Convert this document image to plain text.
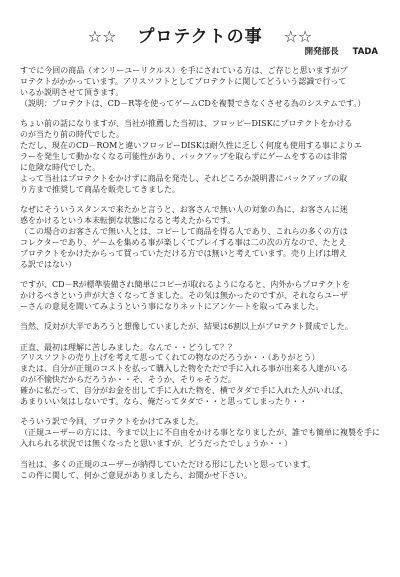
☆☆ プロテクトの事 ☆☆
開発部長 TADA
すでに今回の商品（オンリーユーリクルス）を手にされている方は、ご存じと思いますがプ
ロテクトがかかっています。アリスソフトとしてプロテクトに関してどういう認識で行って
いるか説明させて頂きます。
（説明：プロテクトは、CD－R等を使ってゲームCDを複製できなくさせる為のシステムです。）
ちょい前の話になりますが、当社が推薦した当初は、フロッピーDISKにプロテクトをかける
のが当たり前の時代でした。
ただし、現在のCD－ROMと違いフロッピーDISKは耐久性に乏しく何度も使用する事によりエ
ラーを発生して動かなくなる可能性があり、バックアップを取らずにゲームをするのは非常
に危険な時代でした。
よって当社はプロテクトをかけずに商品を発売し、それどころか説明書にバックアップの取
り方まで推奨して商品を販売してきました。
なぜにそういうスタンスで来たかと言うと、お客さんで無い人の対象の為に、お客さんに迷
惑をかけるという本末転倒な状態になると考えたからです。
（この場合のお客さんで無い人とは、コピーして商品を得る人であり、これらの多くの方は
コレクターであり、ゲームを集める事が楽しくてプレイする事は二の次の方なので、たとえ
プロテクトをかけたからって買っていただける方では無いと考えています。売り上げは増え
る訳ではない）
ですが、CD－Rが標準装備され簡単にコピーが取れるようになると、内外からプロテクトを
かけるべきという声が大きくなってきました。その気は無かったのですが、それならユーザ
ーさんの意見を聞いてみようという事になりネットにアンケートを取ってみました。
当然、反対が大半であろうと想像していましたが、結果は6割以上がプロテクト賛成でした。
正直、最初は理解に苦しみました。なんで・・どうして？？
アリスソフトの売り上げを考えて思ってくれての物なのだろうか・・（ありがとう）
または、自分が正規のコストを払って購入した物をただで手に入れる事が出来る人達がいる
のが不愉快だからだろうか・・そ、そうか、そりゃそうだ。
確かに私だって、自分がお金を出して手に入れた物を、横でタダで手に入れた人がいれば、
あまりいい気はしないです。なら、俺だってタダで・・と思ってしまったり・・
そういう訳で今回、プロテクトをかけてみました。
（正規ユーザーの方には、今まで以上に不自由をかける事となりましたが、誰でも簡単に複製を手に
入れられる状況では無くなったと思いますが、どうだったでしょうか・・）
当社は、多くの正規のユーザーが納得していただける形にしたいと思っています。
この件に関して、何かご意見がありましたら、お聞かせ下さい。
